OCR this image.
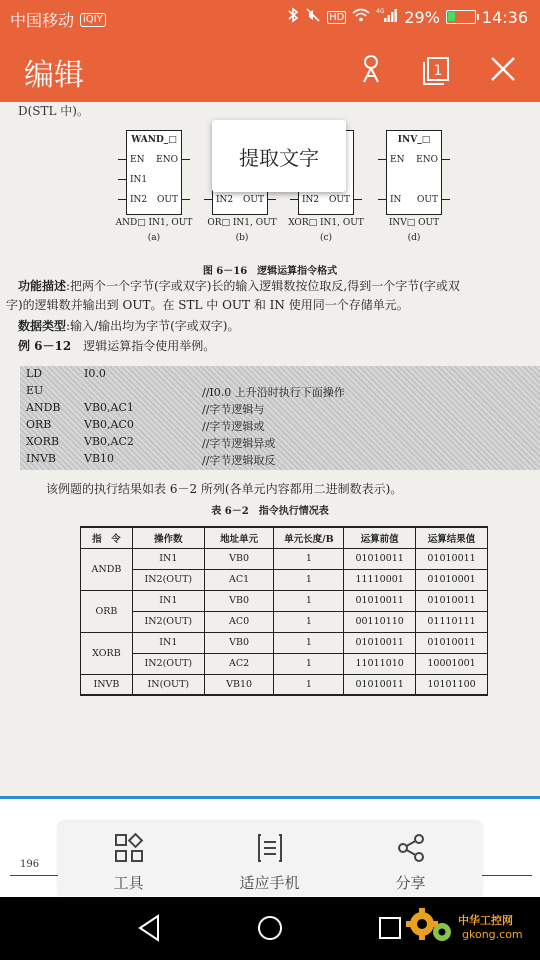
中国移动 iQIY	HD	4G 29%	14:36
编辑	1
D(STL 中)。
WAND_□
EN
IN1
IN2
ENO
OUT
AND□ IN1, OUT
(a)
IN2 OUT
OR□ IN1, OUT
(b)
IN2 OUT
XOR□ IN1, OUT
(c)
INV_□
EN
IN
ENO
OUT
INV□ OUT
(d)
图 6－16　逻辑运算指令格式
功能描述:把两个一个字节(字或双字)长的输入逻辑数按位取反,得到一个字节(字或双
字)的逻辑数并输出到 OUT。在 STL 中 OUT 和 IN 使用同一个存储单元。
数据类型:输入/输出均为字节(字或双字)。
例 6－12　 逻辑运算指令使用举例。
LD	I0.0
EU	//I0.0 上升沿时执行下面操作
ANDB VB0,AC1	//字节逻辑与
ORB	VB0,AC0	//字节逻辑或
XORB VB0,AC2	//字节逻辑异或
INVB	VB10	//字节逻辑取反
该例题的执行结果如表 6－2 所列(各单元内容都用二进制数表示)。
表 6－2　指令执行情况表
指　令	操作数	地址单元	单元长度/B	运算前值	运算结果值
ANDB	IN1	VB0	1	01010011	01010011
	IN2(OUT)	AC1	1	11110001	01010001
ORB	IN1	VB0	1	01010011	01010011
	IN2(OUT)	AC0	1	00110110	01110111
XORB	IN1	VB0	1	01010011	01010011
	IN2(OUT)	AC2	1	11011010	10001001
INVB	IN(OUT)	VB10	1	01010011	10101100
提取文字
196
工具	适应手机	分享
中华工控网
gkong.com
